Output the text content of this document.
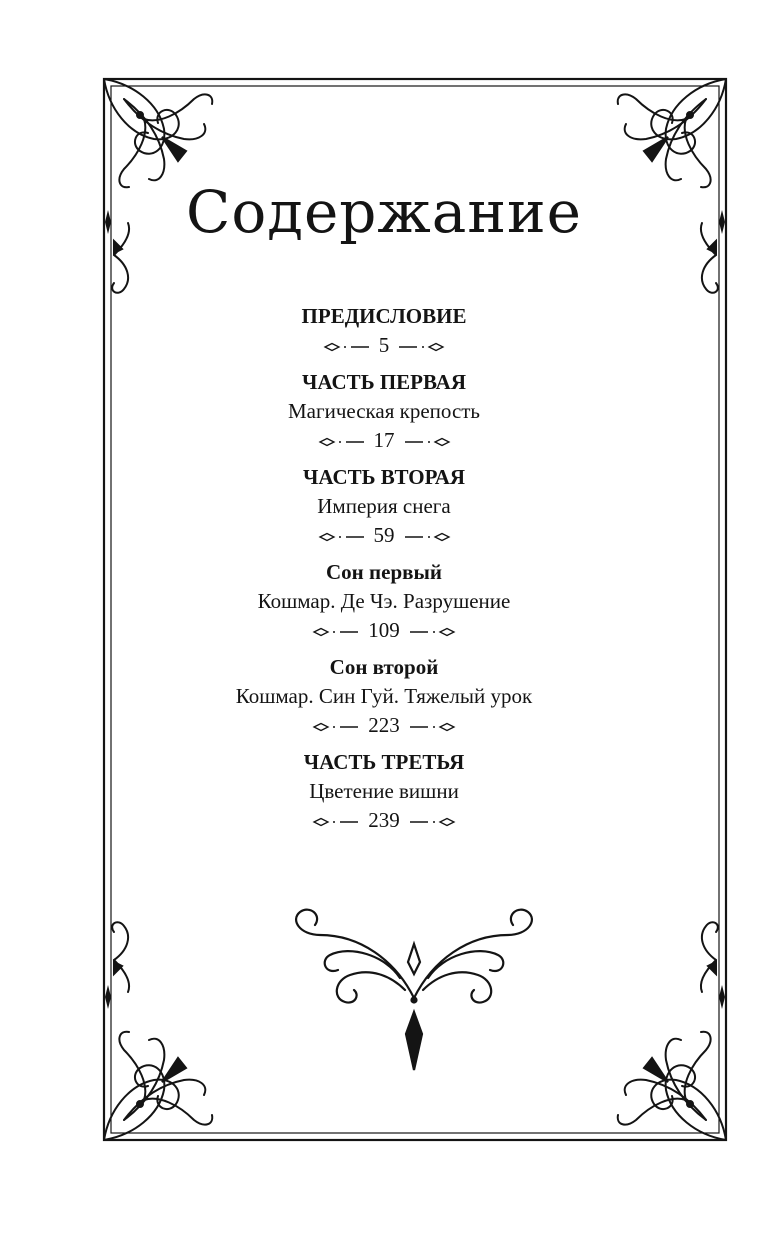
Содержание
ПРЕДИСЛОВИЕ
5
ЧАСТЬ ПЕРВАЯ
Магическая крепость
17
ЧАСТЬ ВТОРАЯ
Империя снега
59
Сон первый
Кошмар. Де Чэ. Разрушение
109
Сон второй
Кошмар. Син Гуй. Тяжелый урок
223
ЧАСТЬ ТРЕТЬЯ
Цветение вишни
239
